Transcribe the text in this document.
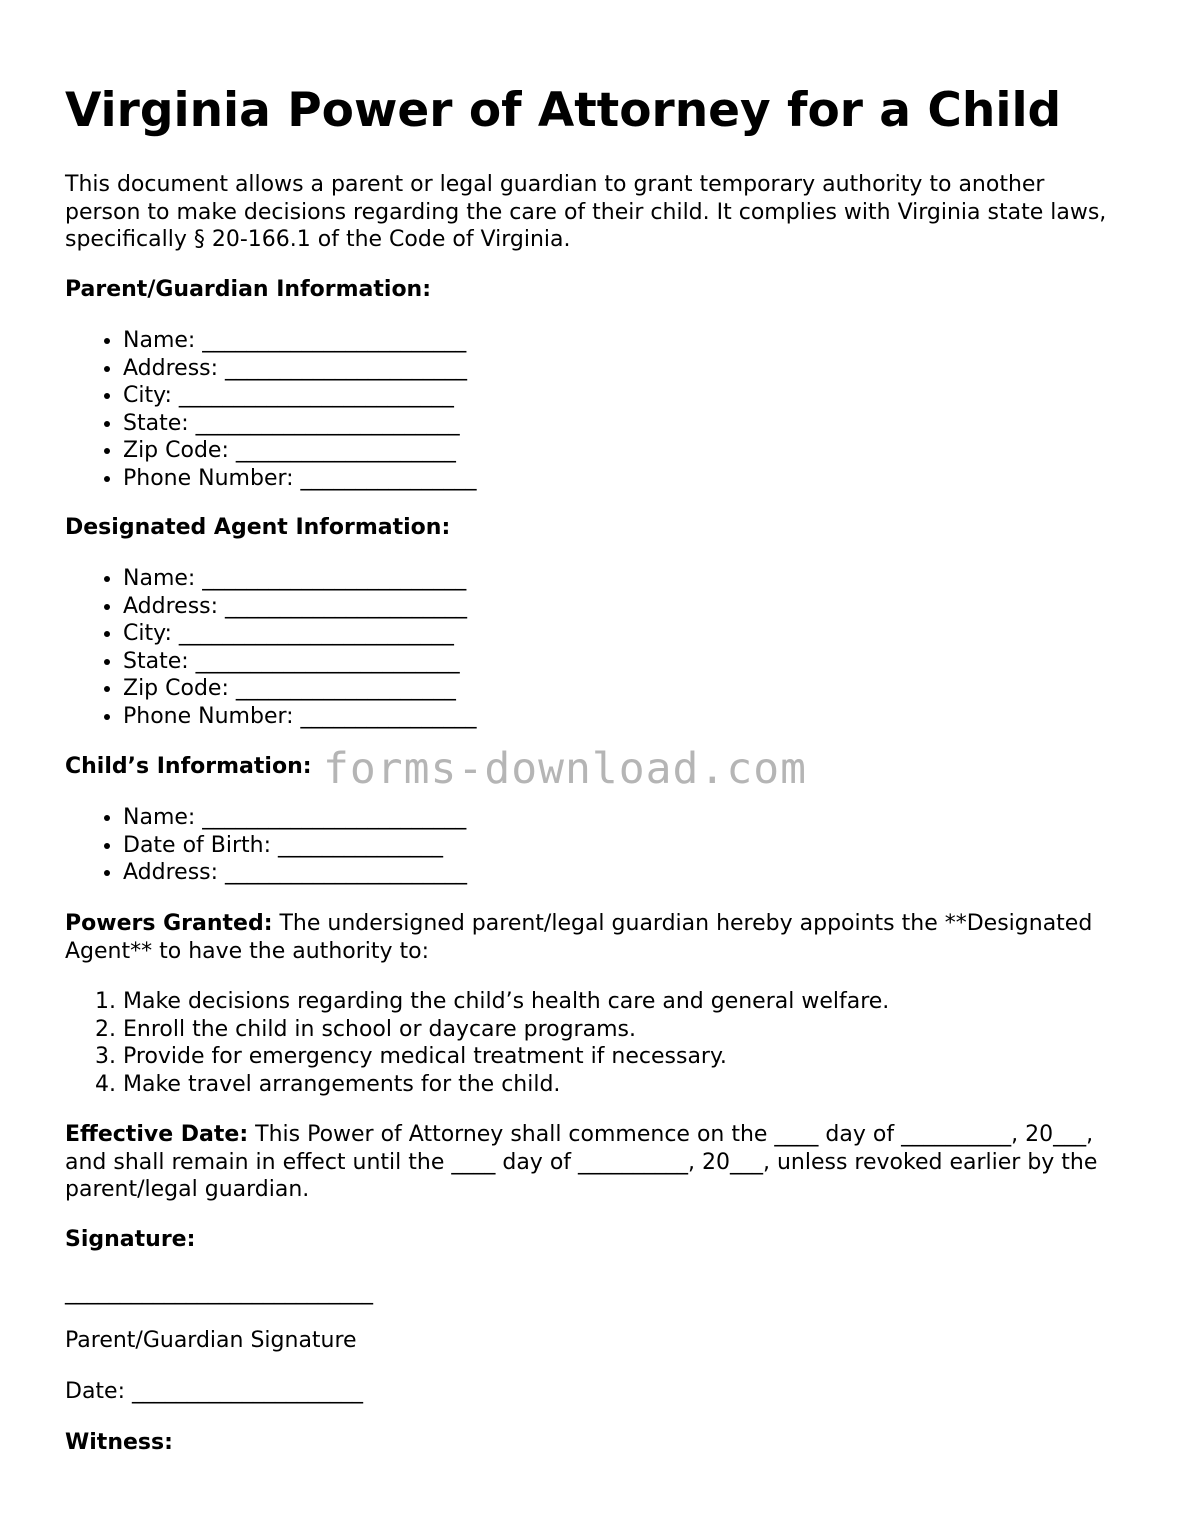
Virginia Power of Attorney for a Child

This document allows a parent or legal guardian to grant temporary authority to another person to make decisions regarding the care of their child. It complies with Virginia state laws, specifically § 20-166.1 of the Code of Virginia.

Parent/Guardian Information:

• Name: ________________________
• Address: ______________________
• City: _________________________
• State: ________________________
• Zip Code: ____________________
• Phone Number: ________________

Designated Agent Information:

• Name: ________________________
• Address: ______________________
• City: _________________________
• State: ________________________
• Zip Code: ____________________
• Phone Number: ________________

Child’s Information:

• Name: ________________________
• Date of Birth: _______________
• Address: ______________________

Powers Granted: The undersigned parent/legal guardian hereby appoints the **Designated Agent** to have the authority to:

1. Make decisions regarding the child’s health care and general welfare.
2. Enroll the child in school or daycare programs.
3. Provide for emergency medical treatment if necessary.
4. Make travel arrangements for the child.

Effective Date: This Power of Attorney shall commence on the ____ day of __________, 20___, and shall remain in effect until the ____ day of __________, 20___, unless revoked earlier by the parent/legal guardian.

Signature:

____________________________

Parent/Guardian Signature

Date: _____________________

Witness:

forms-download.com
